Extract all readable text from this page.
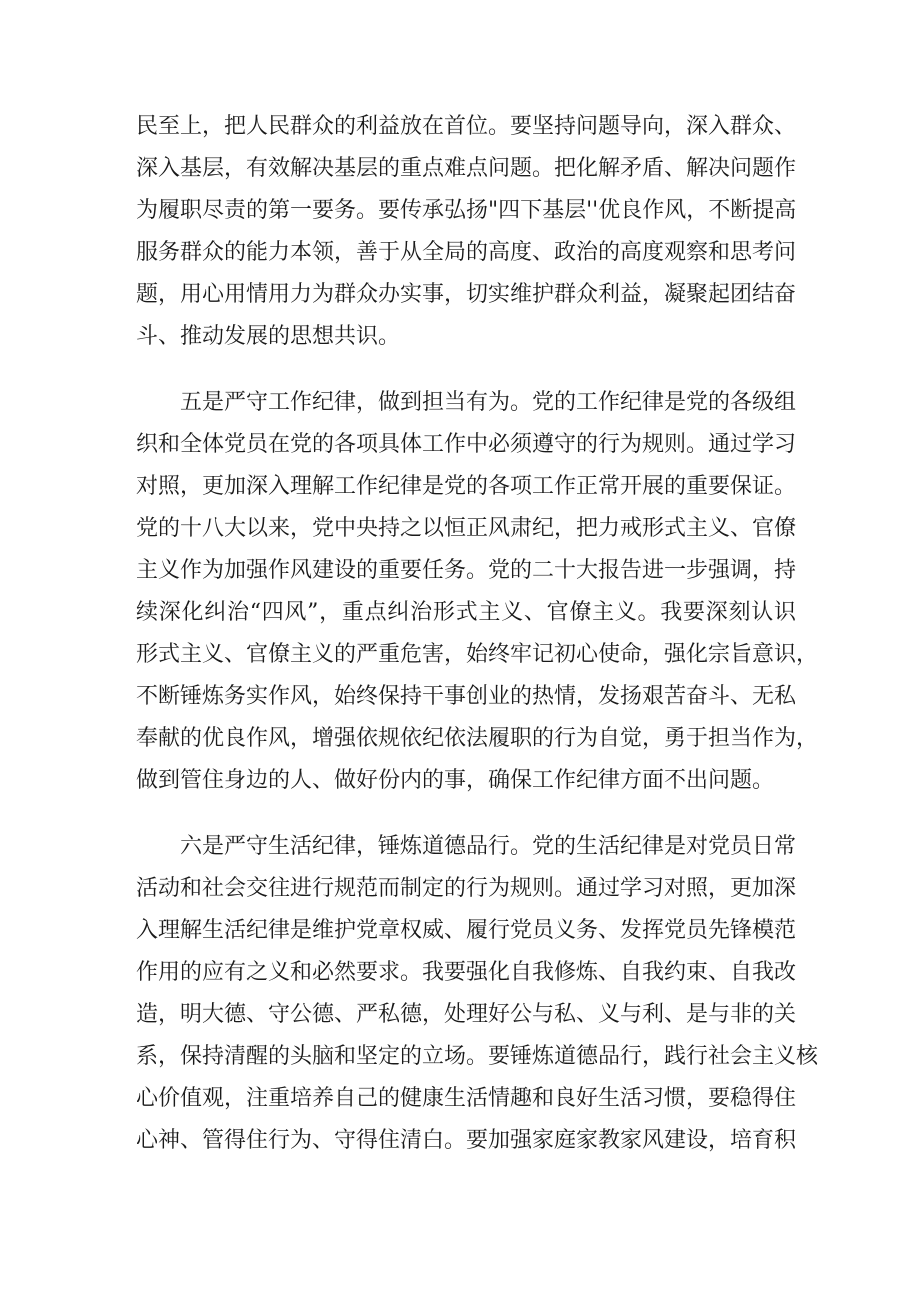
民至上，把人民群众的利益放在首位。要坚持问题导向，深入群众、
深入基层，有效解决基层的重点难点问题。把化解矛盾、解决问题作
为履职尽责的第一要务。要传承弘扬"四下基层''优良作风，不断提高
服务群众的能力本领，善于从全局的高度、政治的高度观察和思考问
题，用心用情用力为群众办实事，切实维护群众利益，凝聚起团结奋
斗、推动发展的思想共识。
五是严守工作纪律，做到担当有为。党的工作纪律是党的各级组
织和全体党员在党的各项具体工作中必须遵守的行为规则。通过学习
对照，更加深入理解工作纪律是党的各项工作正常开展的重要保证。
党的十八大以来，党中央持之以恒正风肃纪，把力戒形式主义、官僚
主义作为加强作风建设的重要任务。党的二十大报告进一步强调，持
续深化纠治“四风”，重点纠治形式主义、官僚主义。我要深刻认识
形式主义、官僚主义的严重危害，始终牢记初心使命，强化宗旨意识，
不断锤炼务实作风，始终保持干事创业的热情，发扬艰苦奋斗、无私
奉献的优良作风，增强依规依纪依法履职的行为自觉，勇于担当作为，
做到管住身边的人、做好份内的事，确保工作纪律方面不出问题。
六是严守生活纪律，锤炼道德品行。党的生活纪律是对党员日常
活动和社会交往进行规范而制定的行为规则。通过学习对照，更加深
入理解生活纪律是维护党章权威、履行党员义务、发挥党员先锋模范
作用的应有之义和必然要求。我要强化自我修炼、自我约束、自我改
造，明大德、守公德、严私德，处理好公与私、义与利、是与非的关
系，保持清醒的头脑和坚定的立场。要锤炼道德品行，践行社会主义核
心价值观，注重培养自己的健康生活情趣和良好生活习惯，要稳得住
心神、管得住行为、守得住清白。要加强家庭家教家风建设，培育积
